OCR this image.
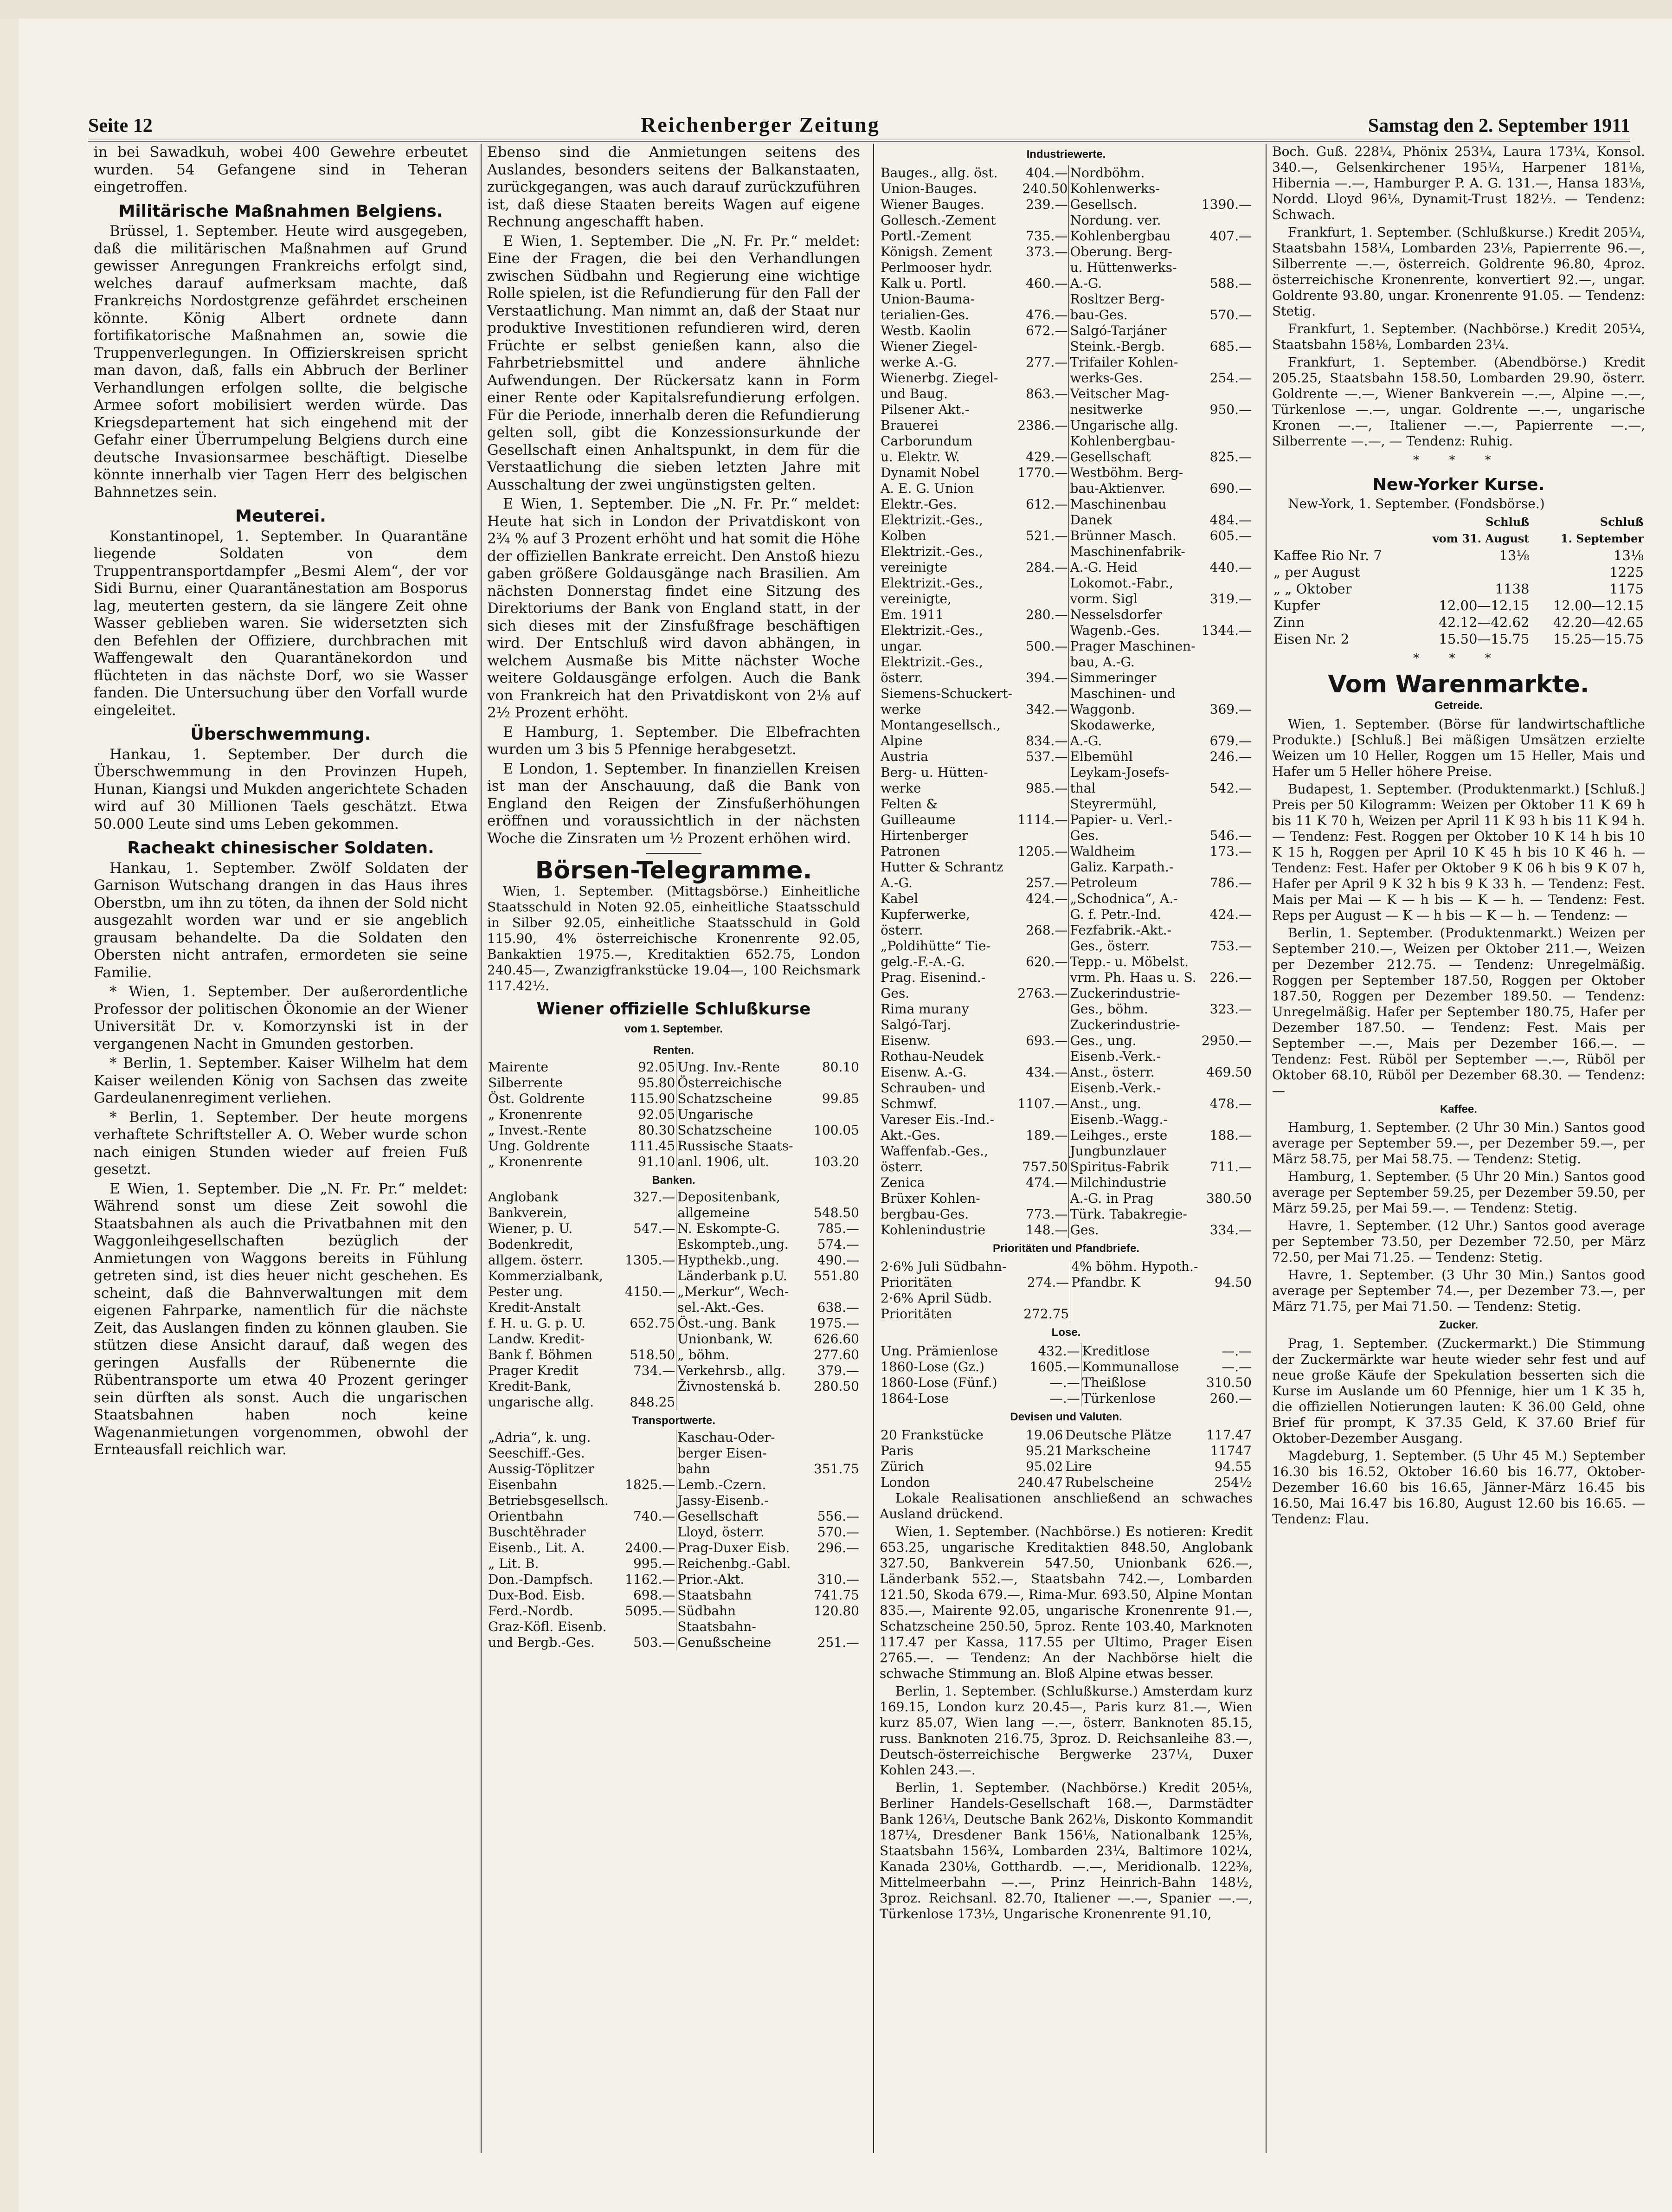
Seite 12	Reichenberger Zeitung	Samstag den 2. September 1911

in bei Sawadkuh, wobei 400 Gewehre erbeutet wurden. 54 Gefangene sind in Teheran eingetroffen.

Militärische Maßnahmen Belgiens.

Brüssel, 1. September. Heute wird ausgegeben, daß die militärischen Maßnahmen auf Grund gewisser Anregungen Frankreichs erfolgt sind, welches darauf aufmerksam machte, daß Frankreichs Nordostgrenze gefährdet erscheinen könnte. König Albert ordnete dann fortifikatorische Maßnahmen an, sowie die Truppenverlegungen. In Offizierskreisen spricht man davon, daß, falls ein Abbruch der Berliner Verhandlungen erfolgen sollte, die belgische Armee sofort mobilisiert werden würde. Das Kriegsdepartement hat sich eingehend mit der Gefahr einer Überrumpelung Belgiens durch eine deutsche Invasionsarmee beschäftigt. Dieselbe könnte innerhalb vier Tagen Herr des belgischen Bahnnetzes sein.

Meuterei.

Konstantinopel, 1. September. In Quarantäne liegende Soldaten von dem Truppentransportdampfer „Besmi Alem“, der vor Sidi Burnu, einer Quarantänestation am Bosporus lag, meuterten gestern, da sie längere Zeit ohne Wasser geblieben waren. Sie widersetzten sich den Befehlen der Offiziere, durchbrachen mit Waffengewalt den Quarantänekordon und flüchteten in das nächste Dorf, wo sie Wasser fanden. Die Untersuchung über den Vorfall wurde eingeleitet.

Überschwemmung.

Hankau, 1. September. Der durch die Überschwemmung in den Provinzen Hupeh, Hunan, Kiangsi und Mukden angerichtete Schaden wird auf 30 Millionen Taels geschätzt. Etwa 50.000 Leute sind ums Leben gekommen.

Racheakt chinesischer Soldaten.

Hankau, 1. September. Zwölf Soldaten der Garnison Wutschang drangen in das Haus ihres Oberstbn, um ihn zu töten, da ihnen der Sold nicht ausgezahlt worden war und er sie angeblich grausam behandelte. Da die Soldaten den Obersten nicht antrafen, ermordeten sie seine Familie.

* Wien, 1. September. Der außerordentliche Professor der politischen Ökonomie an der Wiener Universität Dr. v. Komorzynski ist in der vergangenen Nacht in Gmunden gestorben.

* Berlin, 1. September. Kaiser Wilhelm hat dem Kaiser weilenden König von Sachsen das zweite Gardeulanenregiment verliehen.

* Berlin, 1. September. Der heute morgens verhaftete Schriftsteller A. O. Weber wurde schon nach einigen Stunden wieder auf freien Fuß gesetzt.

E Wien, 1. September. Die „N. Fr. Pr.“ meldet: Während sonst um diese Zeit sowohl die Staatsbahnen als auch die Privatbahnen mit den Waggonleihgesellschaften bezüglich der Anmietungen von Waggons bereits in Fühlung getreten sind, ist dies heuer nicht geschehen. Es scheint, daß die Bahnverwaltungen mit dem eigenen Fahrparke, namentlich für die nächste Zeit, das Auslangen finden zu können glauben. Sie stützen diese Ansicht darauf, daß wegen des geringen Ausfalls der Rübenernte die Rübentransporte um etwa 40 Prozent geringer sein dürften als sonst. Auch die ungarischen Staatsbahnen haben noch keine Wagenanmietungen vorgenommen, obwohl der Ernteausfall reichlich war.

Ebenso sind die Anmietungen seitens des Auslandes, besonders seitens der Balkanstaaten, zurückgegangen, was auch darauf zurückzuführen ist, daß diese Staaten bereits Wagen auf eigene Rechnung angeschafft haben.

E Wien, 1. September. Die „N. Fr. Pr.“ meldet: Eine der Fragen, die bei den Verhandlungen zwischen Südbahn und Regierung eine wichtige Rolle spielen, ist die Refundierung für den Fall der Verstaatlichung. Man nimmt an, daß der Staat nur produktive Investitionen refundieren wird, deren Früchte er selbst genießen kann, also die Fahrbetriebsmittel und andere ähnliche Aufwendungen. Der Rückersatz kann in Form einer Rente oder Kapitalsrefundierung erfolgen. Für die Periode, innerhalb deren die Refundierung gelten soll, gibt die Konzessionsurkunde der Gesellschaft einen Anhaltspunkt, in dem für die Verstaatlichung die sieben letzten Jahre mit Ausschaltung der zwei ungünstigsten gelten.

E Wien, 1. September. Die „N. Fr. Pr.“ meldet: Heute hat sich in London der Privatdiskont von 2¾ % auf 3 Prozent erhöht und hat somit die Höhe der offiziellen Bankrate erreicht. Den Anstoß hiezu gaben größere Goldausgänge nach Brasilien. Am nächsten Donnerstag findet eine Sitzung des Direktoriums der Bank von England statt, in der sich dieses mit der Zinsfußfrage beschäftigen wird. Der Entschluß wird davon abhängen, in welchem Ausmaße bis Mitte nächster Woche weitere Goldausgänge erfolgen. Auch die Bank von Frankreich hat den Privatdiskont von 2⅛ auf 2½ Prozent erhöht.

E Hamburg, 1. September. Die Elbefrachten wurden um 3 bis 5 Pfennige herabgesetzt.

E London, 1. September. In finanziellen Kreisen ist man der Anschauung, daß die Bank von England den Reigen der Zinsfußerhöhungen eröffnen und voraussichtlich in der nächsten Woche die Zinsraten um ½ Prozent erhöhen wird.

Börsen-Telegramme.

Wien, 1. September. (Mittagsbörse.) Einheitliche Staatsschuld in Noten 92.05, einheitliche Staatsschuld in Silber 92.05, einheitliche Staatsschuld in Gold 115.90, 4% österreichische Kronenrente 92.05, Bankaktien 1975.—, Kreditaktien 652.75, London 240.45—, Zwanzigfrankstücke 19.04—, 100 Reichsmark 117.42½.

Wiener offizielle Schlußkurse
vom 1. September.
Renten.			
Mairente	92.05		Ung. Inv.-Rente	80.10
Silberrente	95.80		Österreichische	
Öst. Goldrente	115.90		Schatzscheine	99.85
„ Kronenrente	92.05		Ungarische	
„ Invest.-Rente	80.30		Schatzscheine	100.05
Ung. Goldrente	111.45		Russische Staats-	
„ Kronenrente	91.10		anl. 1906, ult.	103.20
Banken.			
Anglobank	327.—		Depositenbank,	
Bankverein,			allgemeine	548.50
Wiener, p. U.	547.—		N. Eskompte-G.	785.—
Bodenkredit,			Eskompteb.,ung.	574.—
allgem. österr.	1305.—		Hypthekb.,ung.	490.—
Kommerzialbank,			Länderbank p.U.	551.80
Pester ung.	4150.—		„Merkur“, Wech-	
Kredit-Anstalt			sel.-Akt.-Ges.	638.—
f. H. u. G. p. U.	652.75		Öst.-ung. Bank	1975.—
Landw. Kredit-			Unionbank, W.	626.60
Bank f. Böhmen	518.50		„ böhm.	277.60
Prager Kredit	734.—		Verkehrsb., allg.	379.—
Kredit-Bank,			Živnostenská b.	280.50
ungarische allg.	848.25			
Transportwerte.			
„Adria“, k. ung.			Kaschau-Oder-	
Seeschiff.-Ges.			berger Eisen-	
Aussig-Töplitzer			bahn	351.75
Eisenbahn	1825.—		Lemb.-Czern.	
Betriebsgesellsch.			Jassy-Eisenb.-	
Orientbahn	740.—		Gesellschaft	556.—
Buschtěhrader			Lloyd, österr.	570.—
Eisenb., Lit. A.	2400.—		Prag-Duxer Eisb.	296.—
„ Lit. B.	995.—		Reichenbg.-Gabl.	
Don.-Dampfsch.	1162.—		Prior.-Akt.	310.—
Dux-Bod. Eisb.	698.—		Staatsbahn	741.75
Ferd.-Nordb.	5095.—		Südbahn	120.80
Graz-Köfl. Eisenb.			Staatsbahn-	
und Bergb.-Ges.	503.—		Genußscheine	251.—
Industriewerte.
Bauges., allg. öst.	404.—		Nordböhm.	
Union-Bauges.	240.50		Kohlenwerks-	
Wiener Bauges.	239.—		Gesellsch.	1390.—
Gollesch.-Zement			Nordung. ver.	
Portl.-Zement	735.—		Kohlenbergbau	407.—
Königsh. Zement	373.—		Oberung. Berg-	
Perlmooser hydr.			u. Hüttenwerks-	
Kalk u. Portl.	460.—		A.-G.	588.—
Union-Bauma-			Rosltzer Berg-	
terialien-Ges.	476.—		bau-Ges.	570.—
Westb. Kaolin	672.—		Salgó-Tarjáner	
Wiener Ziegel-			Steink.-Bergb.	685.—
werke A.-G.	277.—		Trifailer Kohlen-	
Wienerbg. Ziegel-			werks-Ges.	254.—
und Baug.	863.—		Veitscher Mag-	
Pilsener Akt.-			nesitwerke	950.—
Brauerei	2386.—		Ungarische allg.	
Carborundum			Kohlenbergbau-	
u. Elektr. W.	429.—		Gesellschaft	825.—
Dynamit Nobel	1770.—		Westböhm. Berg-	
A. E. G. Union			bau-Aktienver.	690.—
Elektr.-Ges.	612.—		Maschinenbau	
Elektrizit.-Ges.,			Danek	484.—
Kolben	521.—		Brünner Masch.	605.—
Elektrizit.-Ges.,			Maschinenfabrik-	
vereinigte	284.—		A.-G. Heid	440.—
Elektrizit.-Ges.,			Lokomot.-Fabr.,	
vereinigte,			vorm. Sigl	319.—
Em. 1911	280.—		Nesselsdorfer	
Elektrizit.-Ges.,			Wagenb.-Ges.	1344.—
ungar.	500.—		Prager Maschinen-	
Elektrizit.-Ges.,			bau, A.-G.	
österr.	394.—		Simmeringer	
Siemens-Schuckert-			Maschinen- und	
werke	342.—		Waggonb.	369.—
Montangesellsch.,			Skodawerke,	
Alpine	834.—		A.-G.	679.—
Austria	537.—		Elbemühl	246.—
Berg- u. Hütten-			Leykam-Josefs-	
werke	985.—		thal	542.—
Felten &			Steyrermühl,	
Guilleaume	1114.—		Papier- u. Verl.-	
Hirtenberger			Ges.	546.—
Patronen	1205.—		Waldheim	173.—
Hutter & Schrantz			Galiz. Karpath.-	
A.-G.	257.—		Petroleum	786.—
Kabel	424.—		„Schodnica“, A.-	
Kupferwerke,			G. f. Petr.-Ind.	424.—
österr.	268.—		Fezfabrik.-Akt.-	
„Poldihütte“ Tie-			Ges., österr.	753.—
gelg.-F.-A.-G.	620.—		Tepp.- u. Möbelst.	
Prag. Eisenind.-			vrm. Ph. Haas u. S.	226.—
Ges.	2763.—		Zuckerindustrie-	
Rima murany			Ges., böhm.	323.—
Salgó-Tarj.			Zuckerindustrie-	
Eisenw.	693.—		Ges., ung.	2950.—
Rothau-Neudek			Eisenb.-Verk.-	
Eisenw. A.-G.	434.—		Anst., österr.	469.50
Schrauben- und			Eisenb.-Verk.-	
Schmwf.	1107.—		Anst., ung.	478.—
Vareser Eis.-Ind.-			Eisenb.-Wagg.-	
Akt.-Ges.	189.—		Leihges., erste	188.—
Waffenfab.-Ges.,			Jungbunzlauer	
österr.	757.50		Spiritus-Fabrik	711.—
Zenica	474.—		Milchindustrie	
Brüxer Kohlen-			A.-G. in Prag	380.50
bergbau-Ges.	773.—		Türk. Tabakregie-	
Kohlenindustrie	148.—		Ges.	334.—
Prioritäten und Pfandbriefe.
2·6% Juli Südbahn-			4% böhm. Hypoth.-	
Prioritäten	274.—		Pfandbr. K	94.50
2·6% April Südb.				
Prioritäten	272.75			
Lose.
Ung. Prämienlose	432.—		Kreditlose	—.—
1860-Lose (Gz.)	1605.—		Kommunallose	—.—
1860-Lose (Fünf.)	—.—		Theißlose	310.50
1864-Lose	—.—		Türkenlose	260.—
Devisen und Valuten.
20 Frankstücke	19.06		Deutsche Plätze	117.47
Paris	95.21		Markscheine	11747
Zürich	95.02		Lire	94.55
London	240.47		Rubelscheine	254½

Lokale Realisationen anschließend an schwaches Ausland drückend.

Wien, 1. September. (Nachbörse.) Es notieren: Kredit 653.25, ungarische Kreditaktien 848.50, Anglobank 327.50, Bankverein 547.50, Unionbank 626.—, Länderbank 552.—, Staatsbahn 742.—, Lombarden 121.50, Skoda 679.—, Rima-Mur. 693.50, Alpine Montan 835.—, Mairente 92.05, ungarische Kronenrente 91.—, Schatzscheine 250.50, 5proz. Rente 103.40, Marknoten 117.47 per Kassa, 117.55 per Ultimo, Prager Eisen 2765.—. — Tendenz: An der Nachbörse hielt die schwache Stimmung an. Bloß Alpine etwas besser.

Berlin, 1. September. (Schlußkurse.) Amsterdam kurz 169.15, London kurz 20.45—, Paris kurz 81.—, Wien kurz 85.07, Wien lang —.—, österr. Banknoten 85.15, russ. Banknoten 216.75, 3proz. D. Reichsanleihe 83.—, Deutsch-österreichische Bergwerke 237¼, Duxer Kohlen 243.—.

Berlin, 1. September. (Nachbörse.) Kredit 205⅛, Berliner Handels-Gesellschaft 168.—, Darmstädter Bank 126¼, Deutsche Bank 262⅛, Diskonto Kommandit 187¼, Dresdener Bank 156⅛, Nationalbank 125⅜, Staatsbahn 156¾, Lombarden 23¼, Baltimore 102¼, Kanada 230⅛, Gotthardb. —.—, Meridionalb. 122⅜, Mittelmeerbahn —.—, Prinz Heinrich-Bahn 148½, 3proz. Reichsanl. 82.70, Italiener —.—, Spanier —.—, Türkenlose 173½, Ungarische Kronenrente 91.10,

Boch. Guß. 228¼, Phönix 253¼, Laura 173¼, Konsol. 340.—, Gelsenkirchener 195¼, Harpener 181⅛, Hibernia —.—, Hamburger P. A. G. 131.—, Hansa 183⅛, Nordd. Lloyd 96⅛, Dynamit-Trust 182½. — Tendenz: Schwach.

Frankfurt, 1. September. (Schlußkurse.) Kredit 205¼, Staatsbahn 158¼, Lombarden 23⅛, Papierrente 96.—, Silberrente —.—, österreich. Goldrente 96.80, 4proz. österreichische Kronenrente, konvertiert 92.—, ungar. Goldrente 93.80, ungar. Kronenrente 91.05. — Tendenz: Stetig.

Frankfurt, 1. September. (Nachbörse.) Kredit 205¼, Staatsbahn 158⅛, Lombarden 23¼.

Frankfurt, 1. September. (Abendbörse.) Kredit 205.25, Staatsbahn 158.50, Lombarden 29.90, österr. Goldrente —.—, Wiener Bankverein —.—, Alpine —.—, Türkenlose —.—, ungar. Goldrente —.—, ungarische Kronen —.—, Italiener —.—, Papierrente —.—, Silberrente —.—, — Tendenz: Ruhig.

* * *
New-Yorker Kurse.

New-York, 1. September. (Fondsbörse.)

	Schluß	Schluß
	vom 31. August	1. September
Kaffee Rio Nr. 7	13⅛	13⅛
„ per August		1225
„ „ Oktober	1138	1175
Kupfer	12.00—12.15	12.00—12.15
Zinn	42.12—42.62	42.20—42.65
Eisen Nr. 2	15.50—15.75	15.25—15.75
* * *
Vom Warenmarkte.
Getreide.

Wien, 1. September. (Börse für landwirtschaftliche Produkte.) [Schluß.] Bei mäßigen Umsätzen erzielte Weizen um 10 Heller, Roggen um 15 Heller, Mais und Hafer um 5 Heller höhere Preise.

Budapest, 1. September. (Produktenmarkt.) [Schluß.] Preis per 50 Kilogramm: Weizen per Oktober 11 K 69 h bis 11 K 70 h, Weizen per April 11 K 93 h bis 11 K 94 h. — Tendenz: Fest. Roggen per Oktober 10 K 14 h bis 10 K 15 h, Roggen per April 10 K 45 h bis 10 K 46 h. — Tendenz: Fest. Hafer per Oktober 9 K 06 h bis 9 K 07 h, Hafer per April 9 K 32 h bis 9 K 33 h. — Tendenz: Fest. Mais per Mai — K — h bis — K — h. — Tendenz: Fest. Reps per August — K — h bis — K — h. — Tendenz: —

Berlin, 1. September. (Produktenmarkt.) Weizen per September 210.—, Weizen per Oktober 211.—, Weizen per Dezember 212.75. — Tendenz: Unregelmäßig. Roggen per September 187.50, Roggen per Oktober 187.50, Roggen per Dezember 189.50. — Tendenz: Unregelmäßig. Hafer per September 180.75, Hafer per Dezember 187.50. — Tendenz: Fest. Mais per September —.—, Mais per Dezember 166.—. — Tendenz: Fest. Rüböl per September —.—, Rüböl per Oktober 68.10, Rüböl per Dezember 68.30. — Tendenz: —

Kaffee.

Hamburg, 1. September. (2 Uhr 30 Min.) Santos good average per September 59.—, per Dezember 59.—, per März 58.75, per Mai 58.75. — Tendenz: Stetig.

Hamburg, 1. September. (5 Uhr 20 Min.) Santos good average per September 59.25, per Dezember 59.50, per März 59.25, per Mai 59.—. — Tendenz: Stetig.

Havre, 1. September. (12 Uhr.) Santos good average per September 73.50, per Dezember 72.50, per März 72.50, per Mai 71.25. — Tendenz: Stetig.

Havre, 1. September. (3 Uhr 30 Min.) Santos good average per September 74.—, per Dezember 73.—, per März 71.75, per Mai 71.50. — Tendenz: Stetig.

Zucker.

Prag, 1. September. (Zuckermarkt.) Die Stimmung der Zuckermärkte war heute wieder sehr fest und auf neue große Käufe der Spekulation besserten sich die Kurse im Auslande um 60 Pfennige, hier um 1 K 35 h, die offiziellen Notierungen lauten: K 36.00 Geld, ohne Brief für prompt, K 37.35 Geld, K 37.60 Brief für Oktober-Dezember Ausgang.

Magdeburg, 1. September. (5 Uhr 45 M.) September 16.30 bis 16.52, Oktober 16.60 bis 16.77, Oktober-Dezember 16.60 bis 16.65, Jänner-März 16.45 bis 16.50, Mai 16.47 bis 16.80, August 12.60 bis 16.65. — Tendenz: Flau.
